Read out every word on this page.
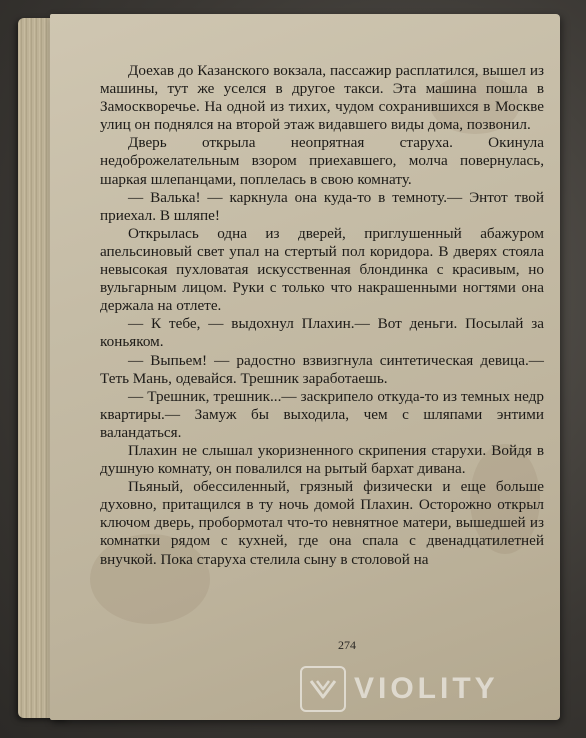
Доехав до Казанского вокзала, пассажир расплатился, вышел из машины, тут же уселся в другое такси. Эта машина пошла в Замоскворечье. На одной из тихих, чудом сохранившихся в Москве улиц он поднялся на второй этаж видавшего виды дома, позвонил.

Дверь открыла неопрятная старуха. Окинула недоброжелательным взором приехавшего, молча повернулась, шаркая шлепанцами, поплелась в свою комнату.

— Валька! — каркнула она куда-то в темноту.— Энтот твой приехал. В шляпе!

Открылась одна из дверей, приглушенный абажуром апельсиновый свет упал на стертый пол коридора. В дверях стояла невысокая пухловатая искусственная блондинка с красивым, но вульгарным лицом. Руки с только что накрашенными ногтями она держала на отлете.

— К тебе, — выдохнул Плахин.— Вот деньги. Посылай за коньяком.

— Выпьем! — радостно взвизгнула синтетическая девица.— Теть Мань, одевайся. Трешник заработаешь.

— Трешник, трешник...— заскрипело откуда-то из темных недр квартиры.— Замуж бы выходила, чем с шляпами энтими валандаться.

Плахин не слышал укоризненного скрипения старухи. Войдя в душную комнату, он повалился на рытый бархат дивана.

Пьяный, обессиленный, грязный физически и еще больше духовно, притащился в ту ночь домой Плахин. Осторожно открыл ключом дверь, пробормотал что-то невнятное матери, вышедшей из комнатки рядом с кухней, где она спала с двенадцатилетней внучкой. Пока старуха стелила сыну в столовой на

274
VIOLITY
